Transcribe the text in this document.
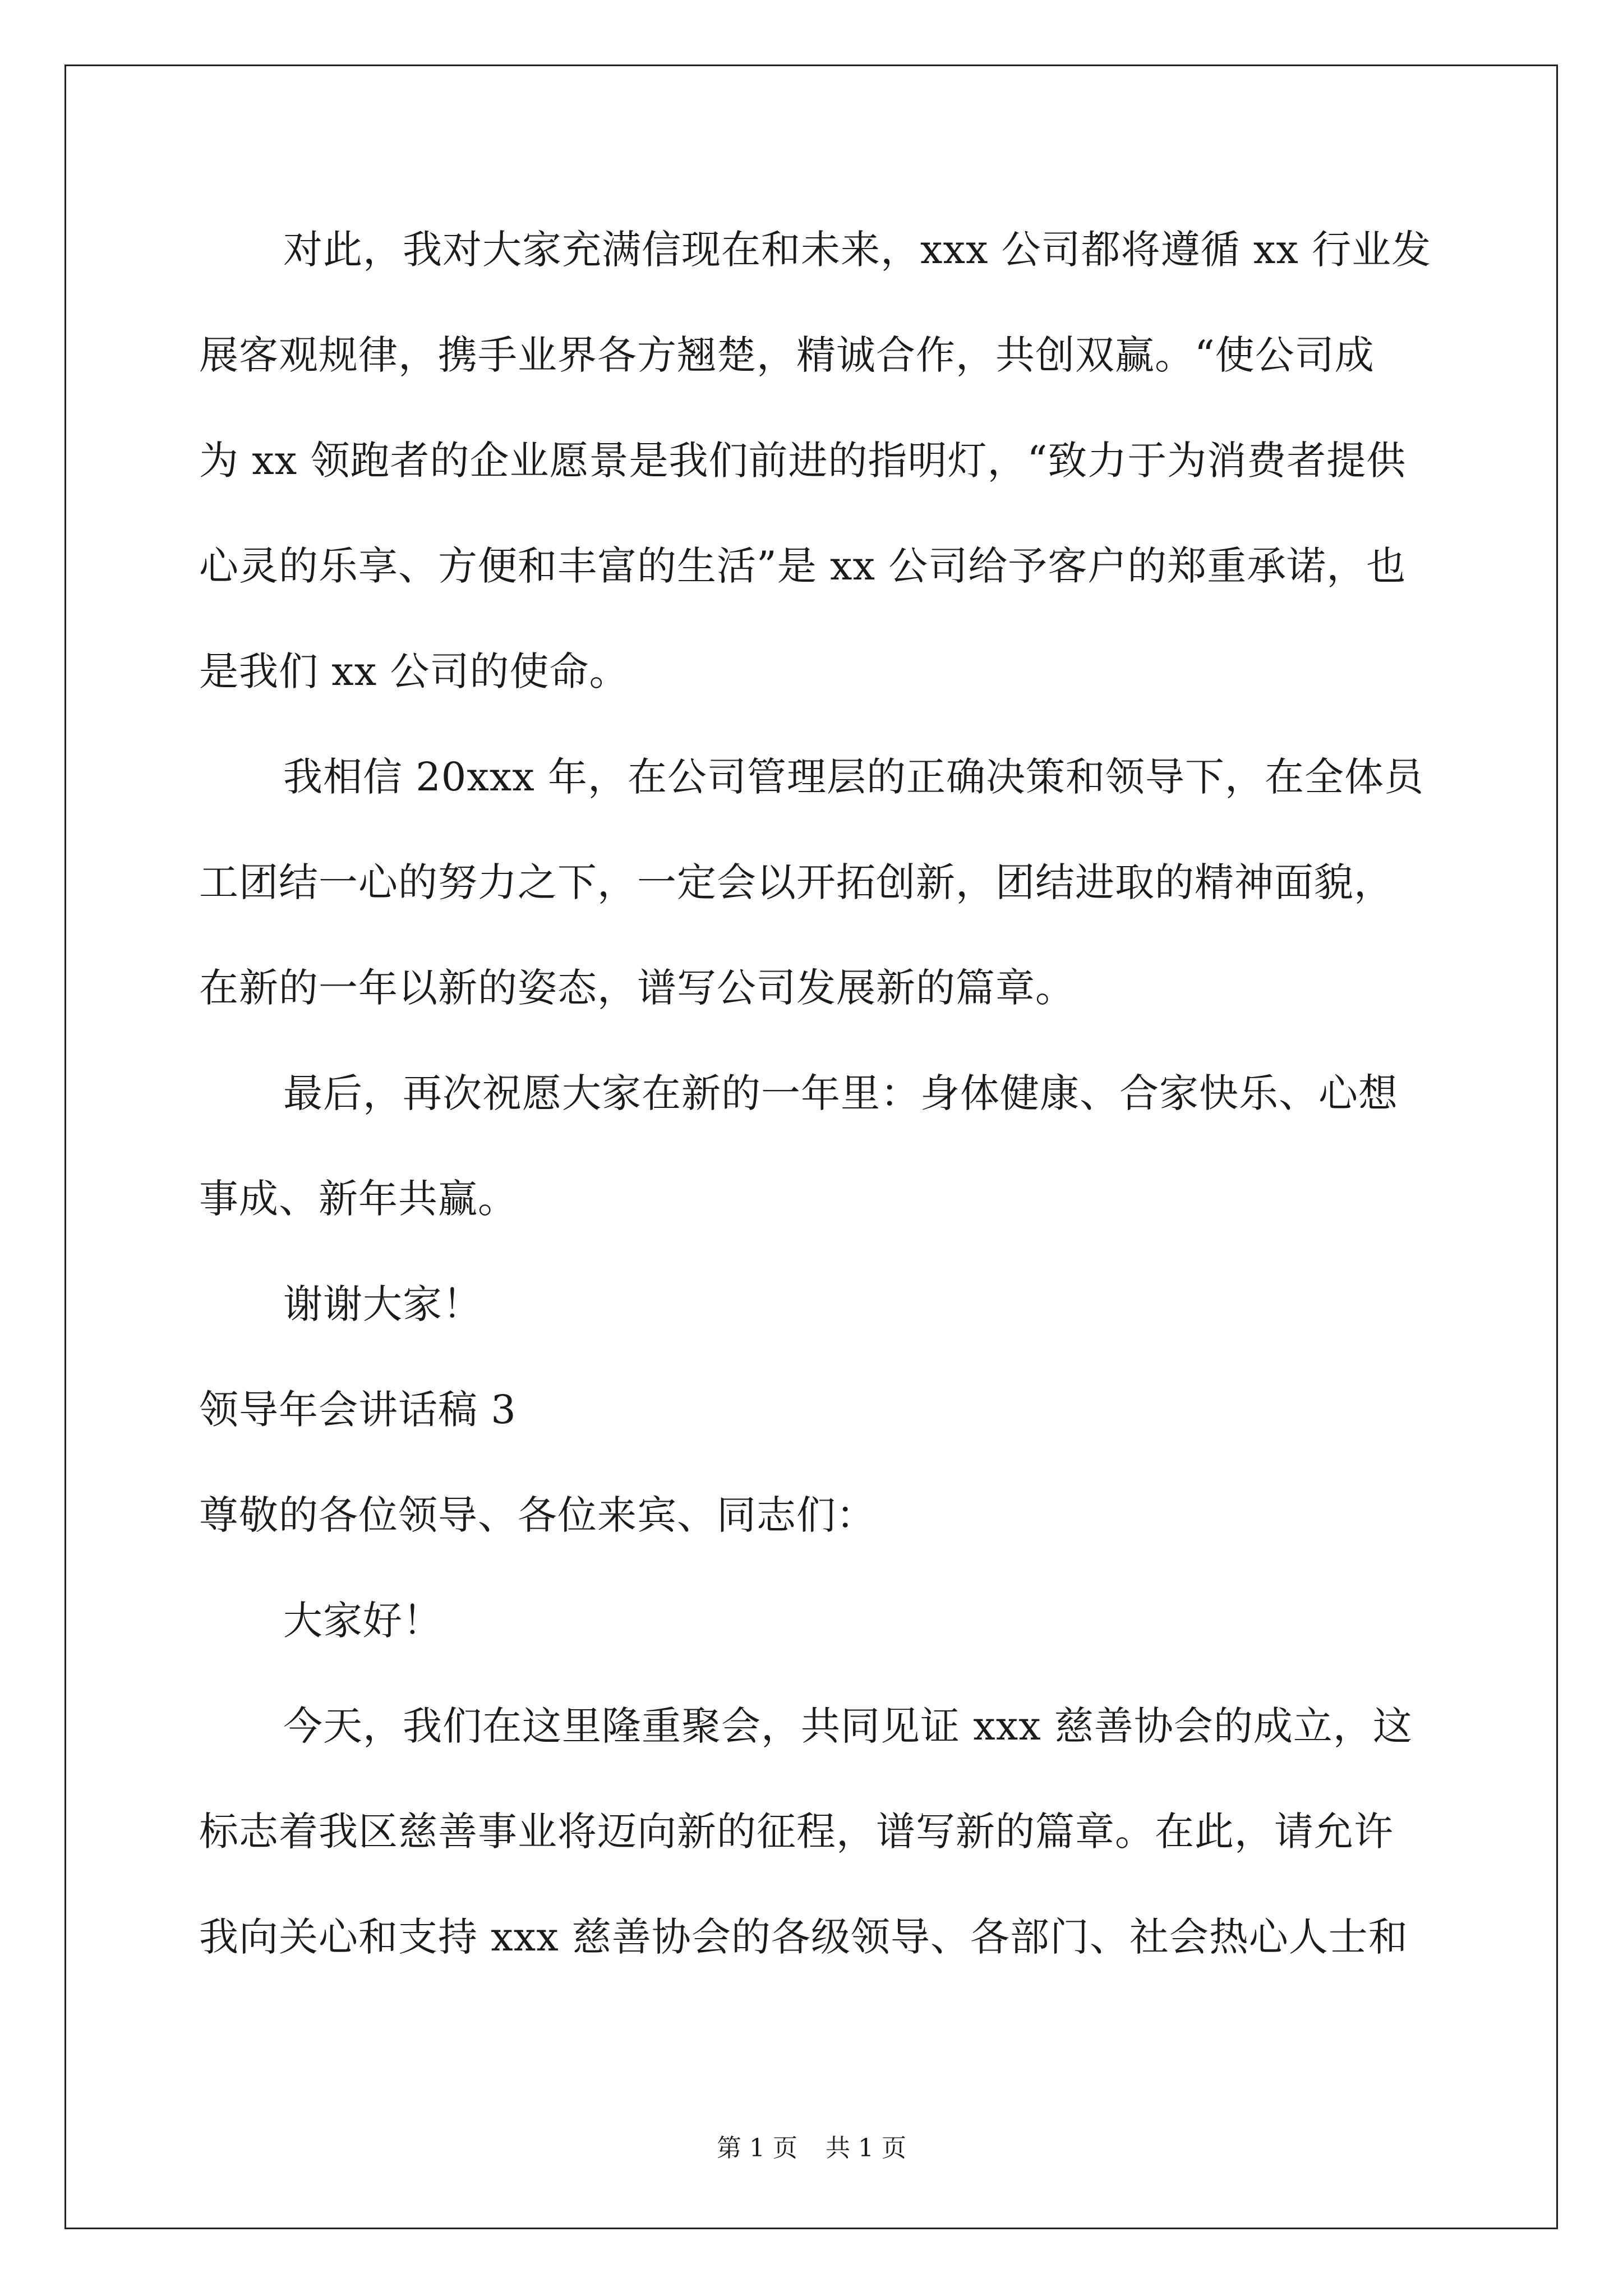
对此，我对大家充满信现在和未来，xxx 公司都将遵循 xx 行业发
展客观规律，携手业界各方翘楚，精诚合作，共创双赢。“使公司成
为 xx 领跑者的企业愿景是我们前进的指明灯，“致力于为消费者提供
心灵的乐享、方便和丰富的生活”是 xx 公司给予客户的郑重承诺，也
是我们 xx 公司的使命。
我相信 20xxx 年，在公司管理层的正确决策和领导下，在全体员
工团结一心的努力之下，一定会以开拓创新，团结进取的精神面貌，
在新的一年以新的姿态，谱写公司发展新的篇章。
最后，再次祝愿大家在新的一年里：身体健康、合家快乐、心想
事成、新年共赢。
谢谢大家！
领导年会讲话稿 3
尊敬的各位领导、各位来宾、同志们：
大家好！
今天，我们在这里隆重聚会，共同见证 xxx 慈善协会的成立，这
标志着我区慈善事业将迈向新的征程，谱写新的篇章。在此，请允许
我向关心和支持 xxx 慈善协会的各级领导、各部门、社会热心人士和
第 1 页 共 1 页
